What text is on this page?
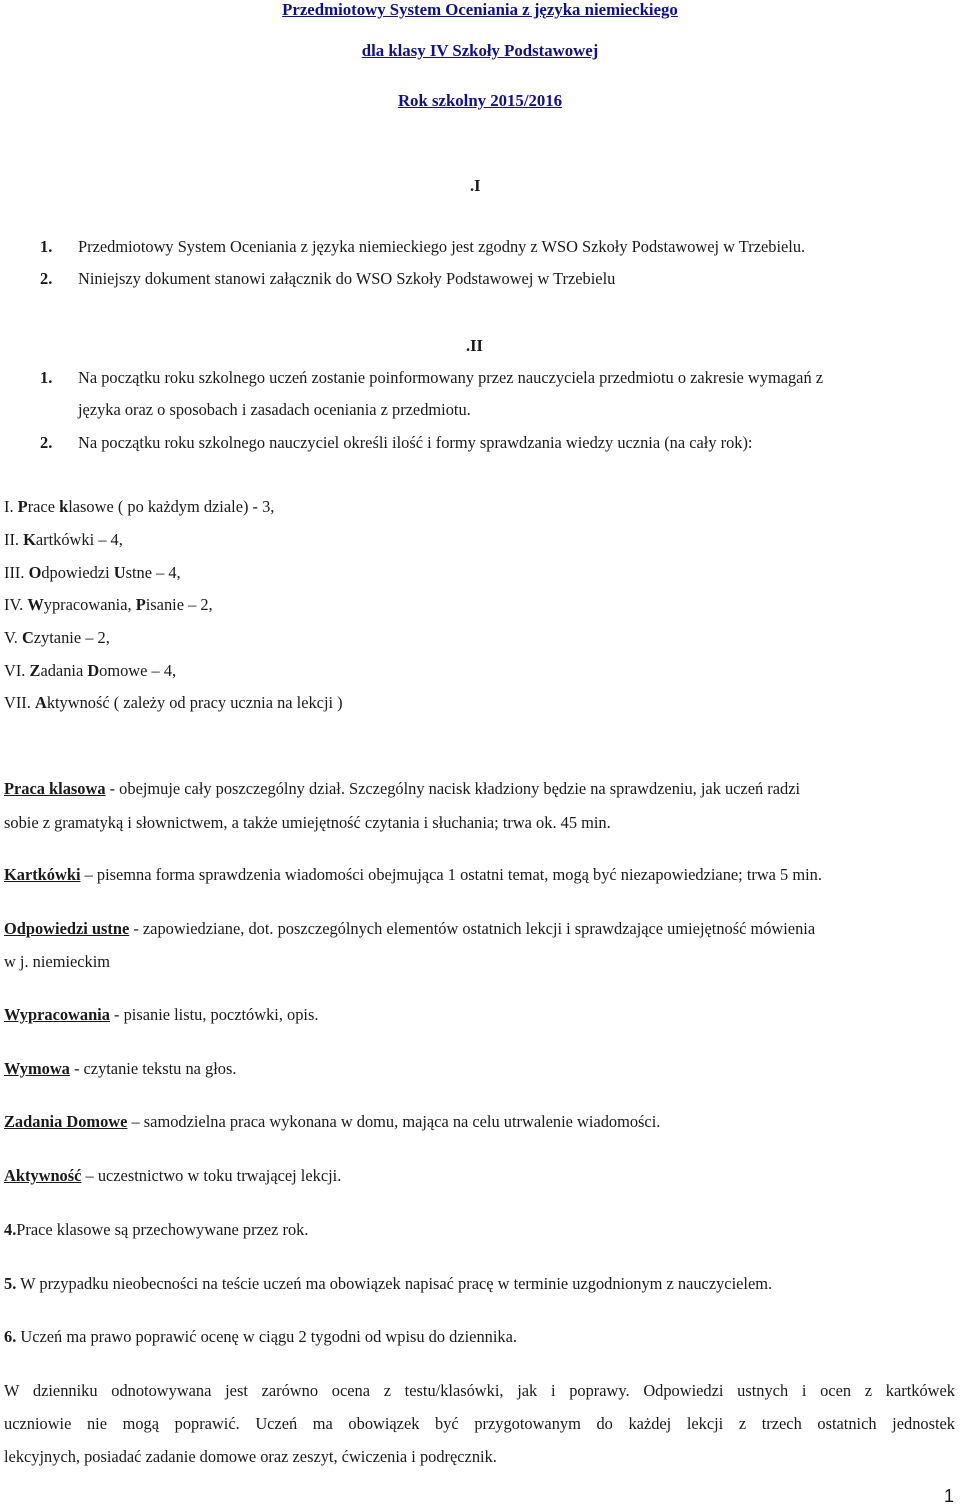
Przedmiotowy System Oceniania z języka niemieckiego
dla klasy IV Szkoły Podstawowej
Rok szkolny 2015/2016
.I
1. Przedmiotowy System Oceniania z języka niemieckiego jest zgodny z WSO Szkoły Podstawowej w Trzebielu.
2. Niniejszy dokument stanowi załącznik do WSO Szkoły Podstawowej w Trzebielu
.II
1. Na początku roku szkolnego uczeń zostanie poinformowany przez nauczyciela przedmiotu o zakresie wymagań z
języka oraz o sposobach i zasadach oceniania z przedmiotu.
2. Na początku roku szkolnego nauczyciel określi ilość i formy sprawdzania wiedzy ucznia (na cały rok):
I. Prace klasowe ( po każdym dziale) - 3,
II. Kartkówki – 4,
III. Odpowiedzi Ustne – 4,
IV. Wypracowania, Pisanie – 2,
V. Czytanie – 2,
VI. Zadania Domowe – 4,
VII. Aktywność ( zależy od pracy ucznia na lekcji )
Praca klasowa - obejmuje cały poszczególny dział. Szczególny nacisk kładziony będzie na sprawdzeniu, jak uczeń radzi
sobie z gramatyką i słownictwem, a także umiejętność czytania i słuchania; trwa ok. 45 min.
Kartkówki – pisemna forma sprawdzenia wiadomości obejmująca 1 ostatni temat, mogą być niezapowiedziane; trwa 5 min.
Odpowiedzi ustne - zapowiedziane, dot. poszczególnych elementów ostatnich lekcji i sprawdzające umiejętność mówienia
w j. niemieckim
Wypracowania - pisanie listu, pocztówki, opis.
Wymowa - czytanie tekstu na głos.
Zadania Domowe – samodzielna praca wykonana w domu, mająca na celu utrwalenie wiadomości.
Aktywność – uczestnictwo w toku trwającej lekcji.
4.Prace klasowe są przechowywane przez rok.
5. W przypadku nieobecności na teście uczeń ma obowiązek napisać pracę w terminie uzgodnionym z nauczycielem.
6. Uczeń ma prawo poprawić ocenę w ciągu 2 tygodni od wpisu do dziennika.
W dzienniku odnotowywana jest zarówno ocena z testu/klasówki, jak i poprawy. Odpowiedzi ustnych i ocen z kartkówek
uczniowie nie mogą poprawić. Uczeń ma obowiązek być przygotowanym do każdej lekcji z trzech ostatnich jednostek
lekcyjnych, posiadać zadanie domowe oraz zeszyt, ćwiczenia i podręcznik.
1
